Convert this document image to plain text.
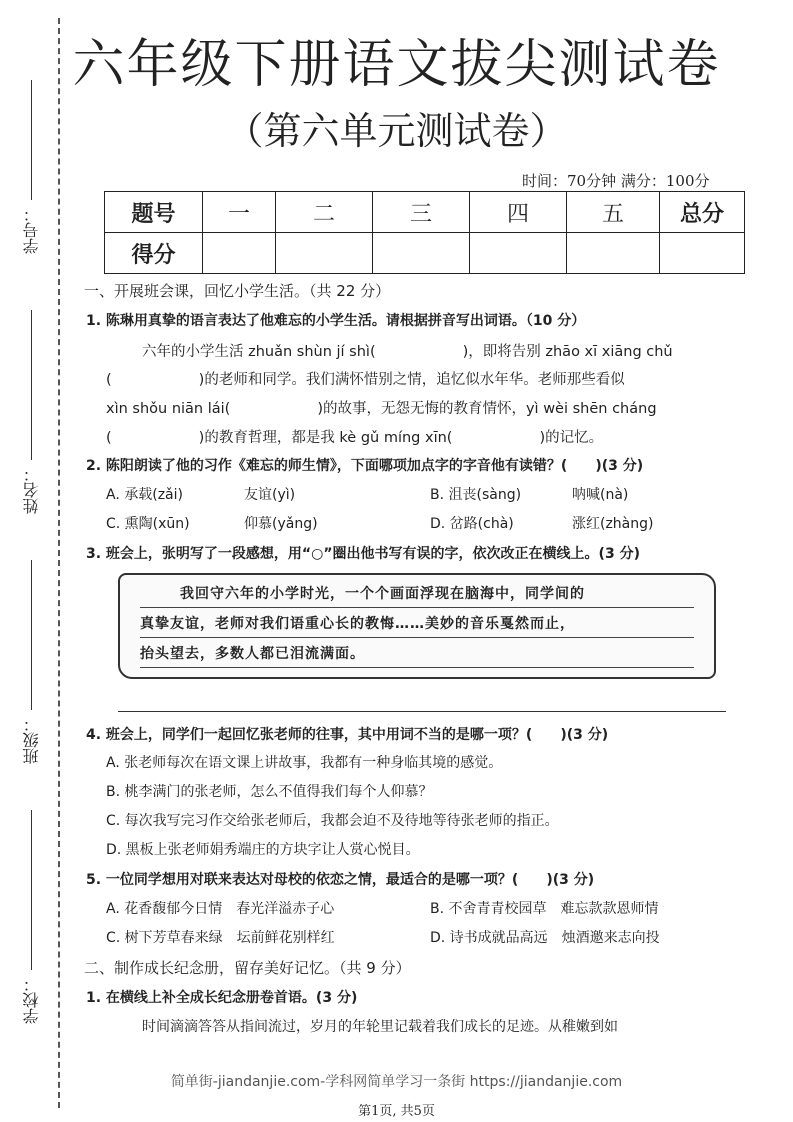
学号：
姓名：
班级：
学校：
六年级下册语文拔尖测试卷
（第六单元测试卷）
时间：70分钟 满分：100分
题号	一	二	三	四	五	总分
得分						
一、开展班会课，回忆小学生活。（共 22 分）
1. 陈琳用真挚的语言表达了他难忘的小学生活。请根据拼音写出词语。（10 分）
六年的小学生活 zhuǎn shùn jí shì(　　　　　　)，即将告别 zhāo xī xiāng chǔ
(　　　　　　)的老师和同学。我们满怀惜别之情，追忆似水年华。老师那些看似
xìn shǒu niān lái(　　　　　　)的故事，无怨无悔的教育情怀，yì wèi shēn cháng
(　　　　　　)的教育哲理，都是我 kè gǔ míng xīn(　　　　　　)的记忆。
2. 陈阳朗读了他的习作《难忘的师生情》，下面哪项加点字的字音他有读错？(　　)(3 分)
A. 承载(zǎi)	友谊(yì)	B. 沮丧(sàng)	呐喊(nà)
C. 熏陶(xūn)	仰慕(yǎng)	D. 岔路(chà)	涨红(zhàng)
3. 班会上，张明写了一段感想，用“○”圈出他书写有误的字，依次改正在横线上。(3 分)
我回守六年的小学时光，一个个画面浮现在脑海中，同学间的
真挚友谊，老师对我们语重心长的教悔……美妙的音乐戛然而止，
抬头望去，多数人都已泪流满面。
4. 班会上，同学们一起回忆张老师的往事，其中用词不当的是哪一项？(　　)(3 分)
A. 张老师每次在语文课上讲故事，我都有一种身临其境的感觉。
B. 桃李满门的张老师，怎么不值得我们每个人仰慕？
C. 每次我写完习作交给张老师后，我都会迫不及待地等待张老师的指正。
D. 黑板上张老师娟秀端庄的方块字让人赏心悦目。
5. 一位同学想用对联来表达对母校的依恋之情，最适合的是哪一项？(　　)(3 分)
A. 花香馥郁今日情　春光洋溢赤子心	B. 不舍青青校园草　难忘款款恩师情
C. 树下芳草春来绿　坛前鲜花别样红	D. 诗书成就品高远　烛酒邀来志向投
二、制作成长纪念册，留存美好记忆。（共 9 分）
1. 在横线上补全成长纪念册卷首语。(3 分)
时间滴滴答答从指间流过，岁月的年轮里记载着我们成长的足迹。从稚嫩到如
简单街-jiandanjie.com-学科网简单学习一条街 https://jiandanjie.com
第1页, 共5页
